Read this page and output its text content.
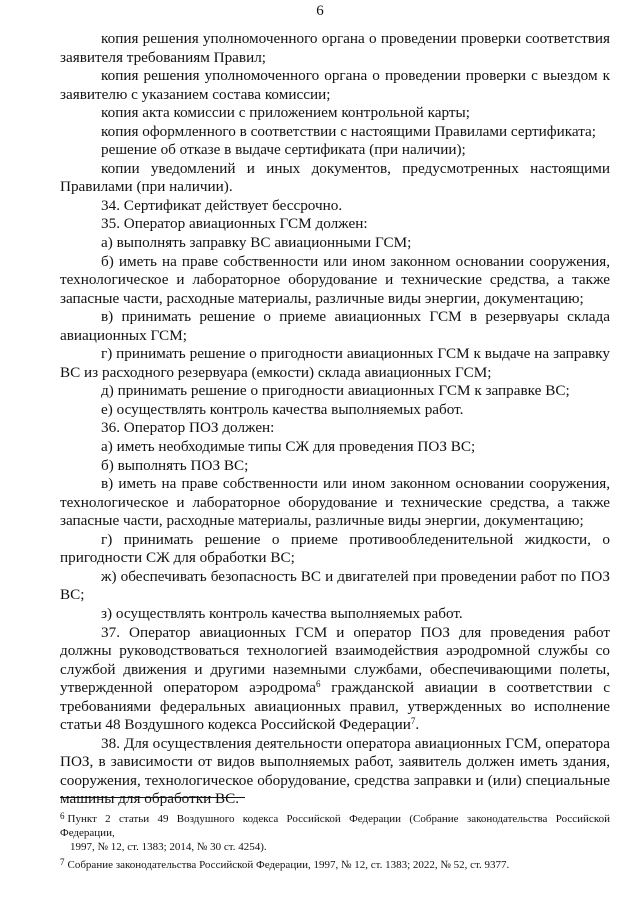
6

копия решения уполномоченного органа о проведении проверки соответствия заявителя требованиям Правил;

копия решения уполномоченного органа о проведении проверки с выездом к заявителю с указанием состава комиссии;

копия акта комиссии с приложением контрольной карты;

копия оформленного в соответствии с настоящими Правилами сертификата;

решение об отказе в выдаче сертификата (при наличии);

копии уведомлений и иных документов, предусмотренных настоящими Правилами (при наличии).

34. Сертификат действует бессрочно.

35. Оператор авиационных ГСМ должен:

а) выполнять заправку ВС авиационными ГСМ;

б) иметь на праве собственности или ином законном основании сооружения, технологическое и лабораторное оборудование и технические средства, а также запасные части, расходные материалы, различные виды энергии, документацию;

в) принимать решение о приеме авиационных ГСМ в резервуары склада авиационных ГСМ;

г) принимать решение о пригодности авиационных ГСМ к выдаче на заправку ВС из расходного резервуара (емкости) склада авиационных ГСМ;

д) принимать решение о пригодности авиационных ГСМ к заправке ВС;

е) осуществлять контроль качества выполняемых работ.

36. Оператор ПОЗ должен:

а) иметь необходимые типы СЖ для проведения ПОЗ ВС;

б) выполнять ПОЗ ВС;

в) иметь на праве собственности или ином законном основании сооружения, технологическое и лабораторное оборудование и технические средства, а также запасные части, расходные материалы, различные виды энергии, документацию;

г) принимать решение о приеме противообледенительной жидкости, о пригодности СЖ для обработки ВС;

ж) обеспечивать безопасность ВС и двигателей при проведении работ по ПОЗ ВС;

з) осуществлять контроль качества выполняемых работ.

37. Оператор авиационных ГСМ и оператор ПОЗ для проведения работ должны руководствоваться технологией взаимодействия аэродромной службы со службой движения и другими наземными службами, обеспечивающими полеты, утвержденной оператором аэродрома$^6$ гражданской авиации в соответствии с требованиями федеральных авиационных правил, утвержденных во исполнение статьи 48 Воздушного кодекса Российской Федерации$^7$.

38. Для осуществления деятельности оператора авиационных ГСМ, оператора ПОЗ, в зависимости от видов выполняемых работ, заявитель должен иметь здания, сооружения, технологическое оборудование, средства заправки и (или) специальные машины для обработки ВС.

$^6$ Пункт 2 статьи 49 Воздушного кодекса Российской Федерации (Собрание законодательства Российской Федерации,
1997, № 12, ст. 1383; 2014, № 30 ст. 4254).

$^7$ Собрание законодательства Российской Федерации, 1997, № 12, ст. 1383; 2022, № 52, ст. 9377.
